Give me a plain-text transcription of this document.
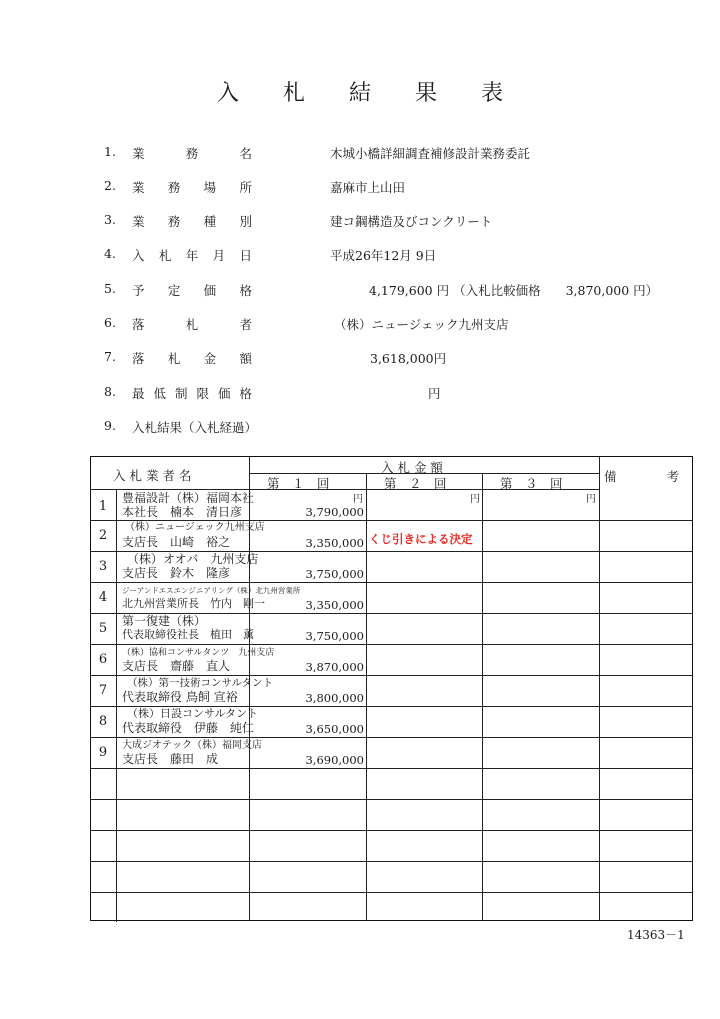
入 札 結 果 表
1.	業	務	名	木城小橋詳細調査補修設計業務委託
2.	業 務 場 所	嘉麻市上山田
3.	業 務 種 別	建コ鋼構造及びコンクリート
4.	入 札 年 月 日	平成26年12月 9日
5.	予 定 価 格	4,179,600 円 （入札比較価格　　3,870,000 円）
6.	落	札	者	（株）ニュージェック九州支店
7.	落 札 金 額	3,618,000円
8.	最 低 制 限 価 格	円
9.	入札結果（入札経過）
入 札 業 者 名
入 札 金 額
第　１　回	第　２　回	第　３　回	備　　　　考
円	円	円
1
豊福設計（株）福岡本社
本社長　楠本　清日彦	3,790,000
2
（株）ニュージェック九州支店
支店長　山崎　裕之	3,350,000 くじ引きによる決定
3	（株）オオバ　九州支店
支店長　鈴木　隆彦	3,750,000
4	ジーアンドエスエンジニアリング（株）北九州営業所
北九州営業所長　竹内　剛一	3,350,000
5	第一復建（株）
代表取締役社長　植田　薫	3,750,000
6	（株）協和コンサルタンツ　九州支店
支店長　齋藤　直人	3,870,000
7	（株）第一技術コンサルタント
代表取締役 鳥飼 宣裕	3,800,000
8
（株）日設コンサルタント
代表取締役　伊藤　純仁	3,650,000
9	大成ジオテック（株）福岡支店
支店長　藤田　成	3,690,000
14363－1
